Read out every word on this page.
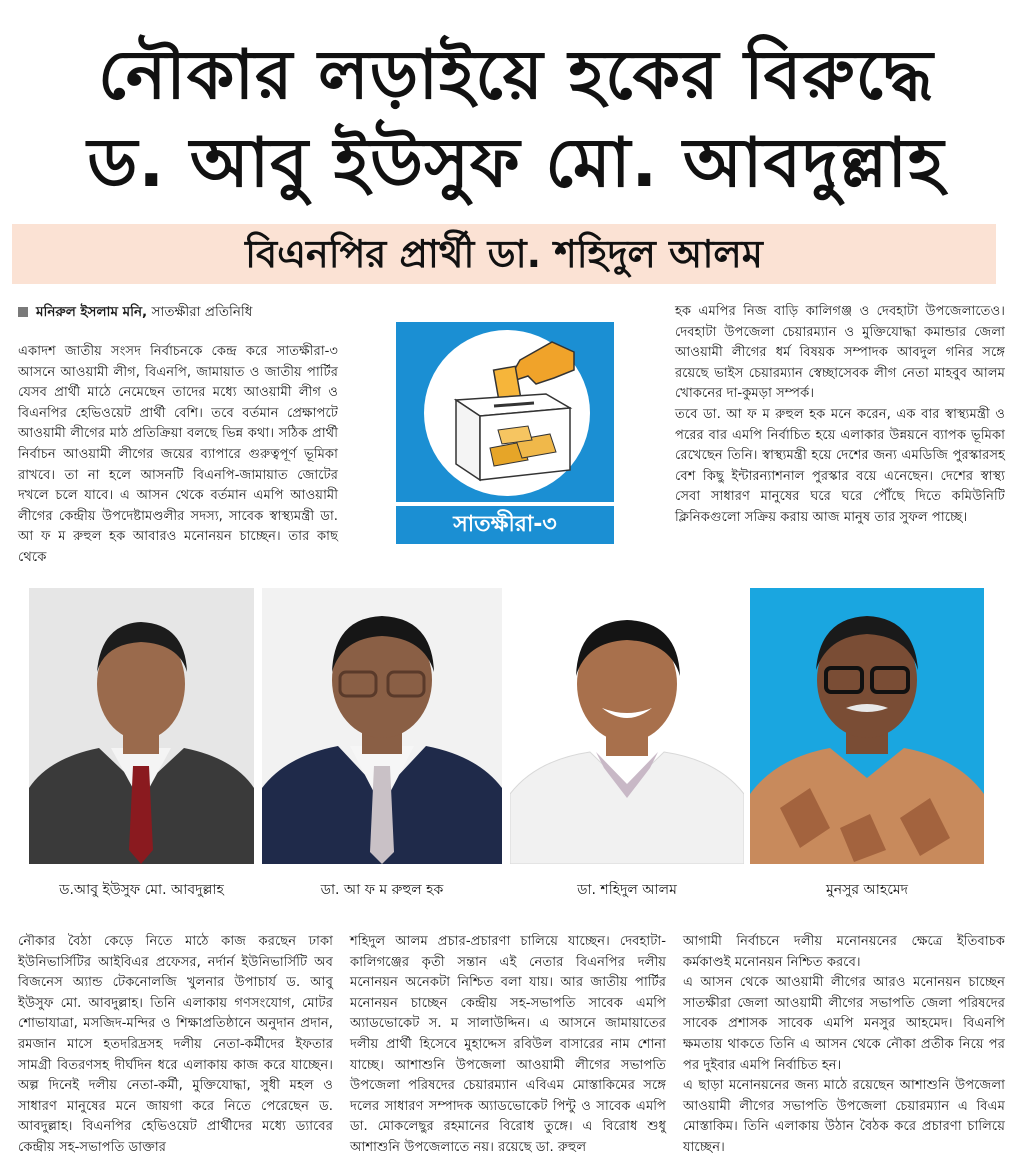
নৌকার লড়াইয়ে হকের বিরুদ্ধে
ড. আবু ইউসুফ মো. আবদুল্লাহ
বিএনপির প্রার্থী ডা. শহিদুল আলম
মনিরুল ইসলাম মনি, সাতক্ষীরা প্রতিনিধি

একাদশ জাতীয় সংসদ নির্বাচনকে কেন্দ্র করে সাতক্ষীরা-৩ আসনে আওয়ামী লীগ, বিএনপি, জামায়াত ও জাতীয় পার্টির যেসব প্রার্থী মাঠে নেমেছেন তাদের মধ্যে আওয়ামী লীগ ও বিএনপির হেভিওয়েট প্রার্থী বেশি। তবে বর্তমান প্রেক্ষাপটে আওয়ামী লীগের মাঠ প্রতিক্রিয়া বলছে ভিন্ন কথা। সঠিক প্রার্থী নির্বাচন আওয়ামী লীগের জয়ের ব্যাপারে গুরুত্বপূর্ণ ভূমিকা রাখবে। তা না হলে আসনটি বিএনপি-জামায়াত জোটের দখলে চলে যাবে। এ আসন থেকে বর্তমান এমপি আওয়ামী লীগের কেন্দ্রীয় উপদেষ্টামণ্ডলীর সদস্য, সাবেক স্বাস্থ্যমন্ত্রী ডা. আ ফ ম রুহুল হক আবারও মনোনয়ন চাচ্ছেন। তার কাছ থেকে

সাতক্ষীরা-৩

হক এমপির নিজ বাড়ি কালিগঞ্জ ও দেবহাটা উপজেলাতেও। দেবহাটা উপজেলা চেয়ারম্যান ও মুক্তিযোদ্ধা কমান্ডার জেলা আওয়ামী লীগের ধর্ম বিষয়ক সম্পাদক আবদুল গনির সঙ্গে রয়েছে ভাইস চেয়ারম্যান স্বেচ্ছাসেবক লীগ নেতা মাহবুব আলম খোকনের দা-কুমড়া সম্পর্ক।

তবে ডা. আ ফ ম রুহুল হক মনে করেন, এক বার স্বাস্থ্যমন্ত্রী ও পরের বার এমপি নির্বাচিত হয়ে এলাকার উন্নয়নে ব্যাপক ভূমিকা রেখেছেন তিনি। স্বাস্থ্যমন্ত্রী হয়ে দেশের জন্য এমডিজি পুরস্কারসহ বেশ কিছু ইন্টারন্যাশনাল পুরস্কার বয়ে এনেছেন। দেশের স্বাস্থ্য সেবা সাধারণ মানুষের ঘরে ঘরে পৌঁছে দিতে কমিউনিটি ক্লিনিকগুলো সক্রিয় করায় আজ মানুষ তার সুফল পাচ্ছে।

ড.আবু ইউসুফ মো. আবদুল্লাহ	ডা. আ ফ ম রুহুল হক	ডা. শহিদুল আলম	মুনসুর আহমেদ

নৌকার বৈঠা কেড়ে নিতে মাঠে কাজ করছেন ঢাকা ইউনিভার্সিটির আইবিএর প্রফেসর, নর্দার্ন ইউনিভার্সিটি অব বিজনেস অ্যান্ড টেকনোলজি খুলনার উপাচার্য ড. আবু ইউসুফ মো. আবদুল্লাহ। তিনি এলাকায় গণসংযোগ, মোটর শোভাযাত্রা, মসজিদ-মন্দির ও শিক্ষাপ্রতিষ্ঠানে অনুদান প্রদান, রমজান মাসে হতদরিদ্রসহ দলীয় নেতা-কর্মীদের ইফতার সামগ্রী বিতরণসহ দীর্ঘদিন ধরে এলাকায় কাজ করে যাচ্ছেন। অল্প দিনেই দলীয় নেতা-কর্মী, মুক্তিযোদ্ধা, সুধী মহল ও সাধারণ মানুষের মনে জায়গা করে নিতে পেরেছেন ড. আবদুল্লাহ। বিএনপির হেভিওয়েট প্রার্থীদের মধ্যে ড্যাবের কেন্দ্রীয় সহ-সভাপতি ডাক্তার

শহিদুল আলম প্রচার-প্রচারণা চালিয়ে যাচ্ছেন। দেবহাটা-কালিগঞ্জের কৃতী সন্তান এই নেতার বিএনপির দলীয় মনোনয়ন অনেকটা নিশ্চিত বলা যায়। আর জাতীয় পার্টির মনোনয়ন চাচ্ছেন কেন্দ্রীয় সহ-সভাপতি সাবেক এমপি অ্যাডভোকেট স. ম সালাউদ্দিন। এ আসনে জামায়াতের দলীয় প্রার্থী হিসেবে মুহাদ্দেস রবিউল বাসারের নাম শোনা যাচ্ছে। আশাশুনি উপজেলা আওয়ামী লীগের সভাপতি উপজেলা পরিষদের চেয়ারম্যান এবিএম মোস্তাকিমের সঙ্গে দলের সাধারণ সম্পাদক অ্যাডভোকেট পিন্টু ও সাবেক এমপি ডা. মোকলেছুর রহমানের বিরোধ তুঙ্গে। এ বিরোধ শুধু আশাশুনি উপজেলাতে নয়। রয়েছে ডা. রুহুল

আগামী নির্বাচনে দলীয় মনোনয়নের ক্ষেত্রে ইতিবাচক কর্মকাণ্ডই মনোনয়ন নিশ্চিত করবে।

এ আসন থেকে আওয়ামী লীগের আরও মনোনয়ন চাচ্ছেন সাতক্ষীরা জেলা আওয়ামী লীগের সভাপতি জেলা পরিষদের সাবেক প্রশাসক সাবেক এমপি মনসুর আহমেদ। বিএনপি ক্ষমতায় থাকতে তিনি এ আসন থেকে নৌকা প্রতীক নিয়ে পর পর দুইবার এমপি নির্বাচিত হন।

এ ছাড়া মনোনয়নের জন্য মাঠে রয়েছেন আশাশুনি উপজেলা আওয়ামী লীগের সভাপতি উপজেলা চেয়ারম্যান এ বিএম মোস্তাকিম। তিনি এলাকায় উঠান বৈঠক করে প্রচারণা চালিয়ে যাচ্ছেন।
